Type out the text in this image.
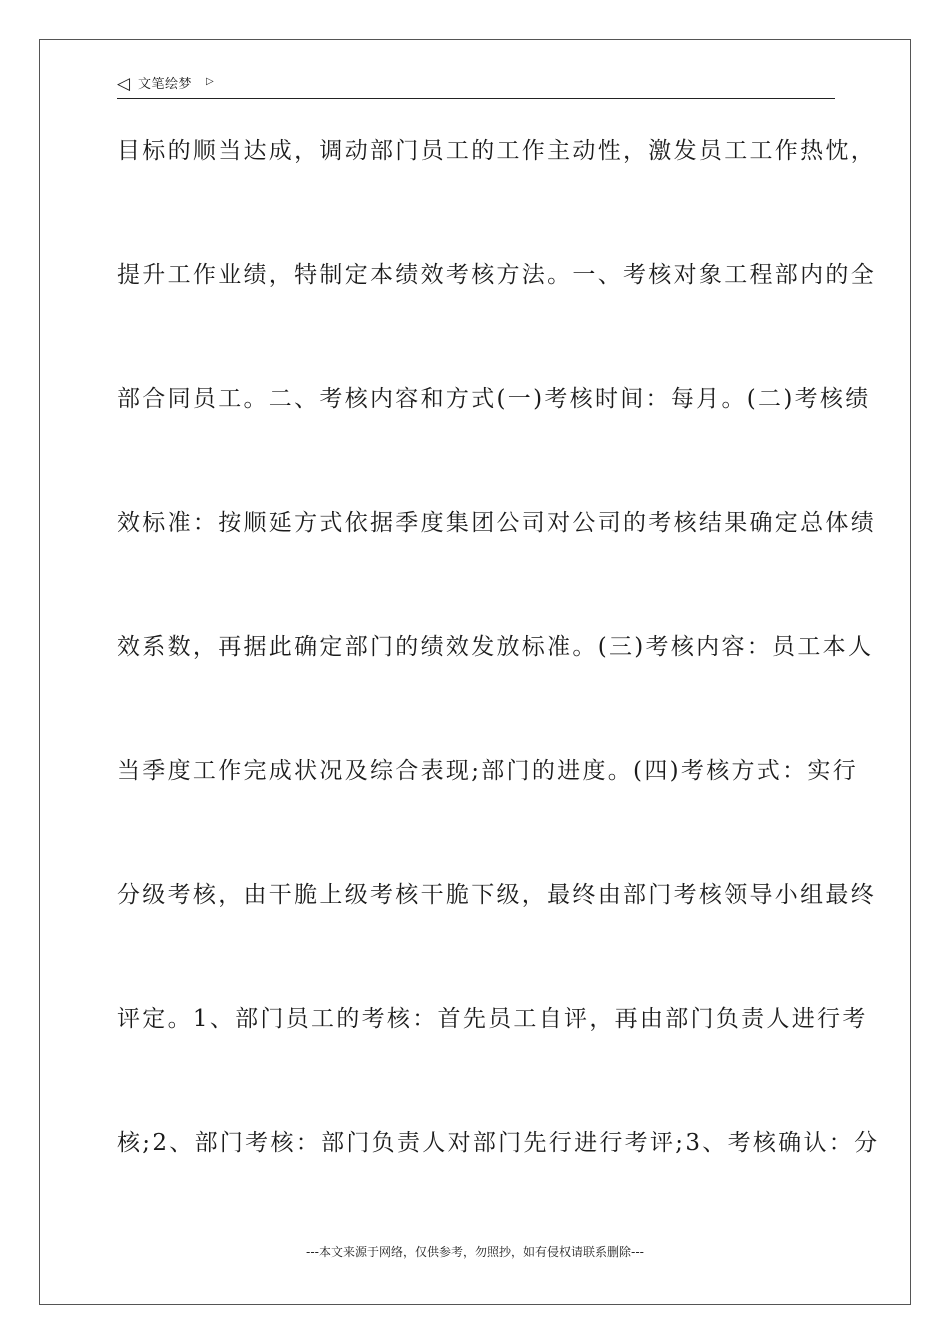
◁ 文笔绘梦 ▷
目标的顺当达成，调动部门员工的工作主动性，激发员工工作热忱，
提升工作业绩，特制定本绩效考核方法。一、考核对象工程部内的全
部合同员工。二、考核内容和方式(一)考核时间：每月。(二)考核绩
效标准：按顺延方式依据季度集团公司对公司的考核结果确定总体绩
效系数，再据此确定部门的绩效发放标准。(三)考核内容：员工本人
当季度工作完成状况及综合表现;部门的进度。(四)考核方式：实行
分级考核，由干脆上级考核干脆下级，最终由部门考核领导小组最终
评定。1、部门员工的考核：首先员工自评，再由部门负责人进行考
核;2、部门考核：部门负责人对部门先行进行考评;3、考核确认：分
---本文来源于网络，仅供参考，勿照抄，如有侵权请联系删除---
